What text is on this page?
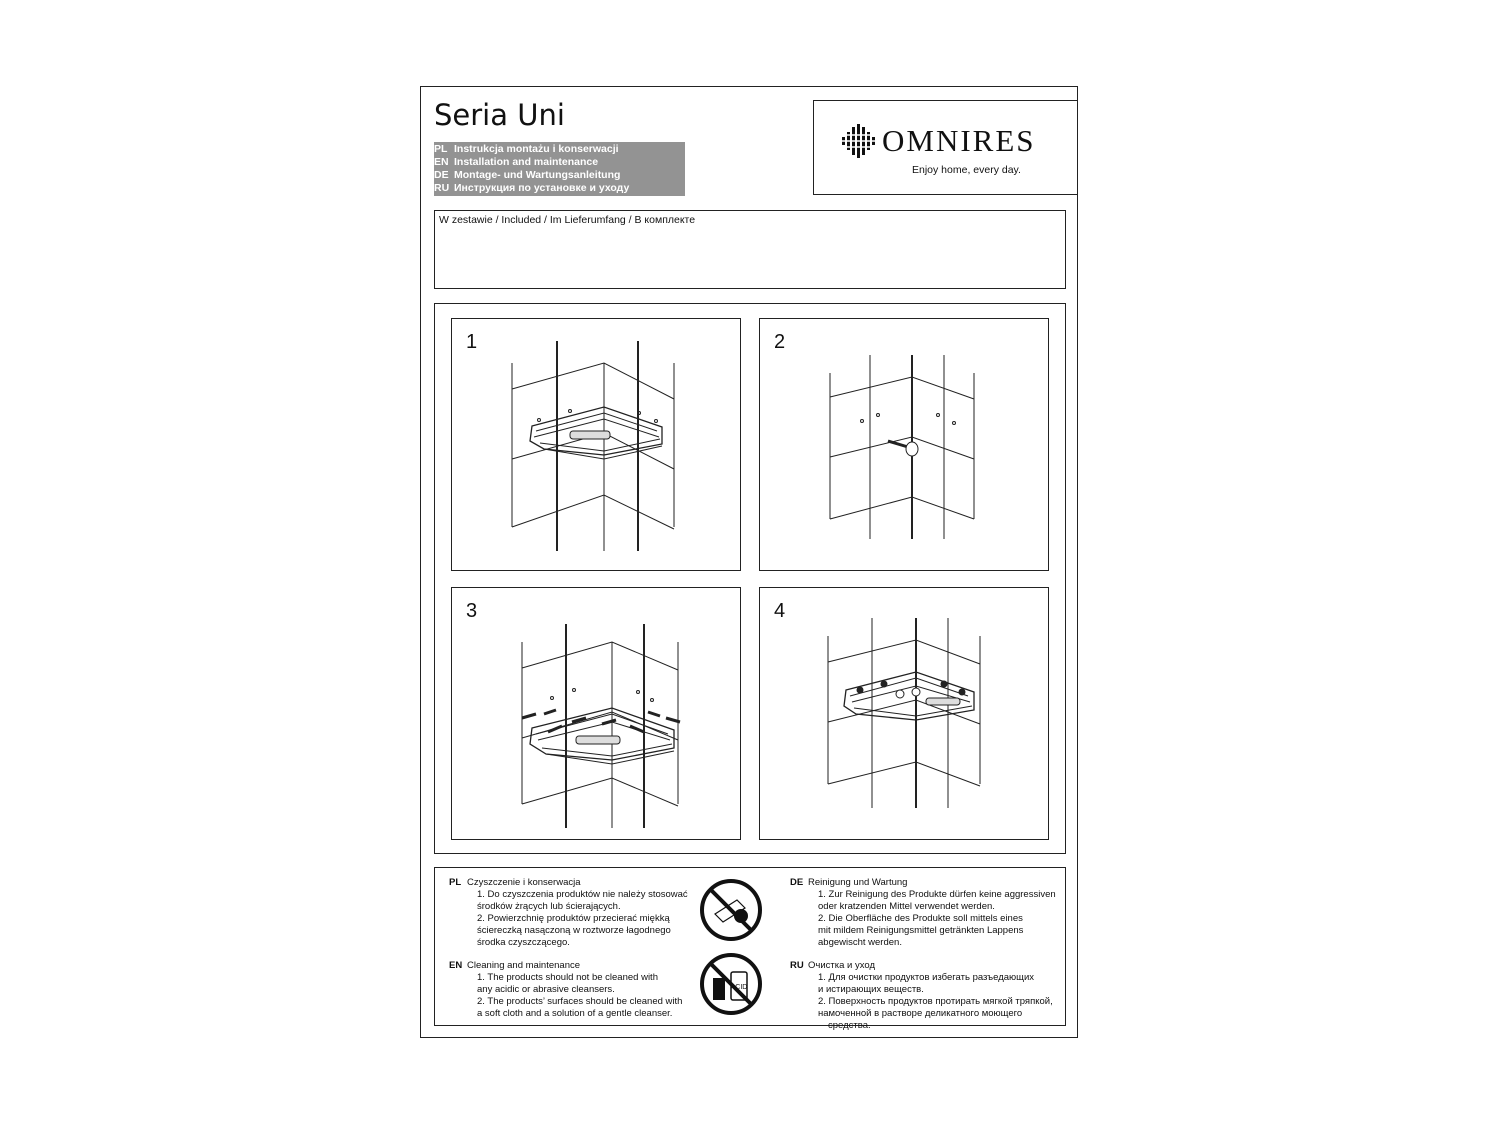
Seria Uni
PL Instrukcja montażu i konserwacji
EN Installation and maintenance
DE Montage- und Wartungsanleitung
RU Инструкция по установке и уходу
OMNIRES
Enjoy home, every day.
W zestawie / Included / Im Lieferumfang / В комплекте
1	2
3	4
PL Czyszczenie i konserwacja
1. Do czyszczenia produktów nie należy stosować
środków żrących lub ścierających.
2. Powierzchnię produktów przecierać miękką
ściereczką nasączoną w roztworze łagodnego
środka czyszczącego.
EN Cleaning and maintenance
1. The products should not be cleaned with
any acidic or abrasive cleansers.
2. The products’ surfaces should be cleaned with
a soft cloth and a solution of a gentle cleanser.
ACID
DE Reinigung und Wartung
1. Zur Reinigung des Produkte dürfen keine aggressiven
oder kratzenden Mittel verwendet werden.
2. Die Oberfläche des Produkte soll mittels eines
mit mildem Reinigungsmittel getränkten Lappens
abgewischt werden.
RU Очистка и уход
1. Для очистки продуктов избегать разъедающих
и истирающих веществ.
2. Поверхность продуктов протирать мягкой тряпкой,
намоченной в растворе деликатного моющего средства.
